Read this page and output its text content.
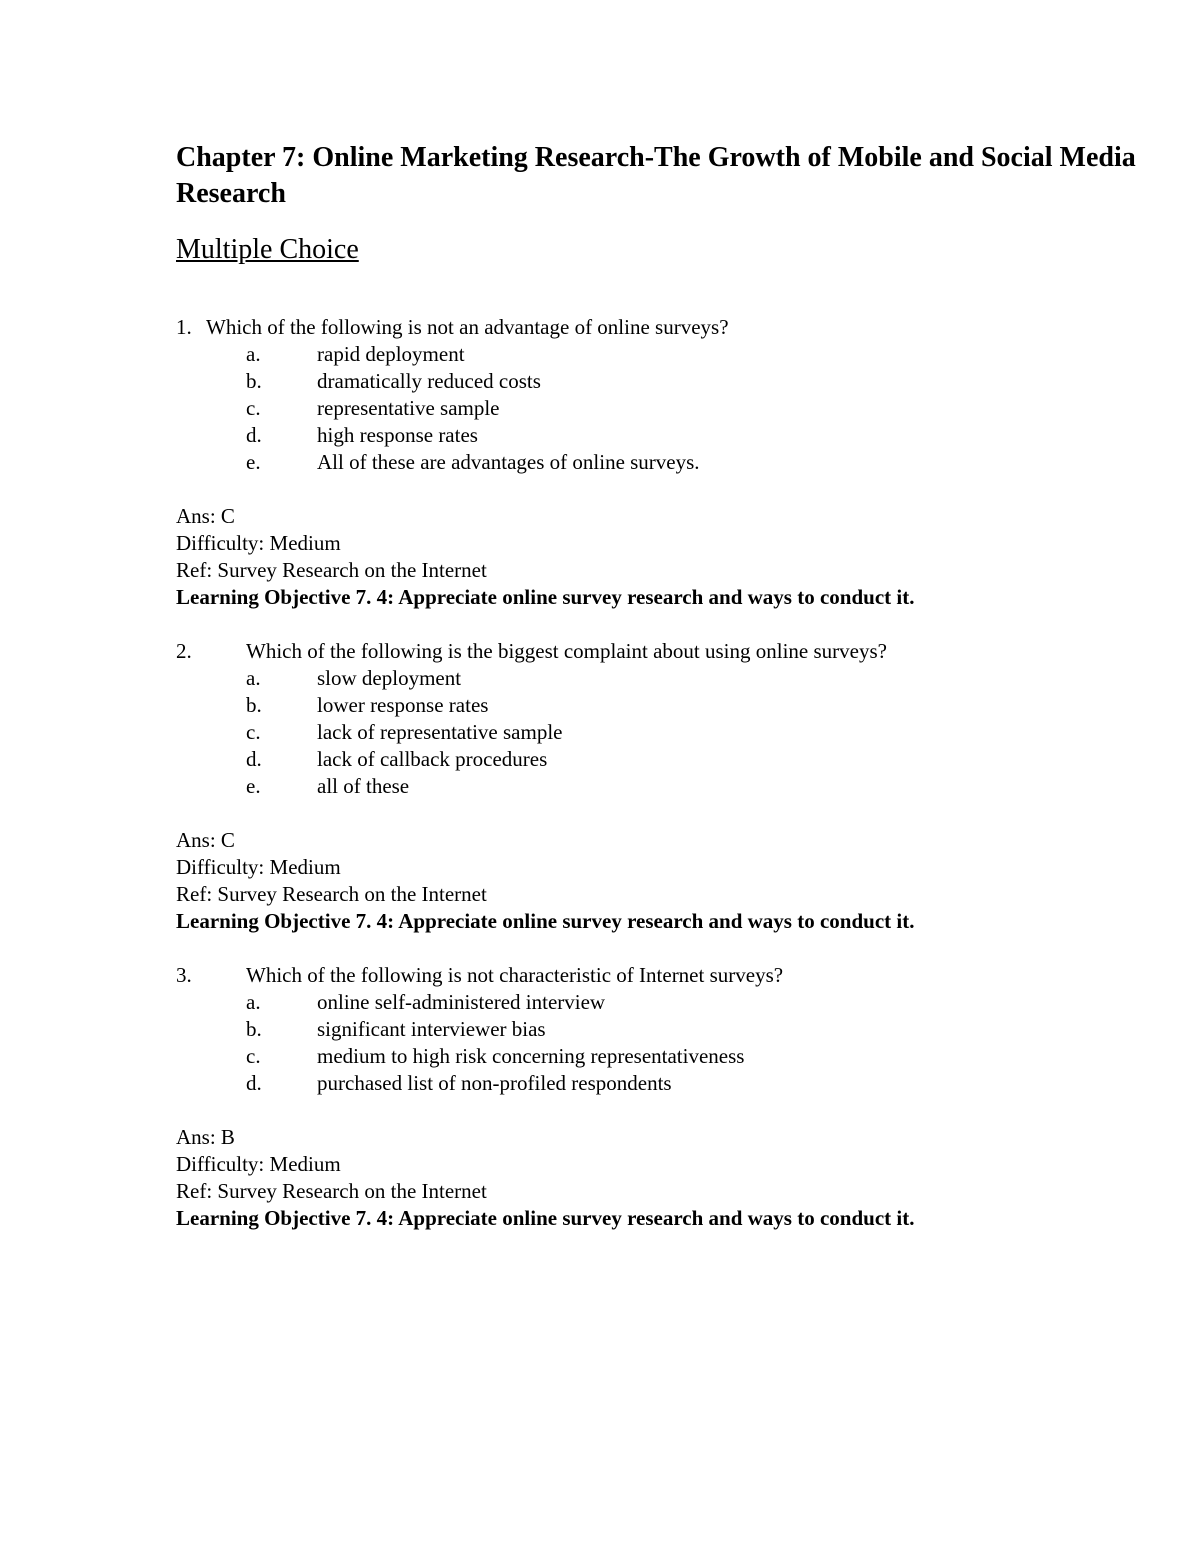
Chapter 7: Online Marketing Research-The Growth of Mobile and Social Media Research
Multiple Choice
1. Which of the following is not an advantage of online surveys?
a.	rapid deployment
b.	dramatically reduced costs
c.	representative sample
d.	high response rates
e.	All of these are advantages of online surveys.
Ans: C
Difficulty: Medium
Ref: Survey Research on the Internet
Learning Objective 7. 4: Appreciate online survey research and ways to conduct it.
2.	Which of the following is the biggest complaint about using online surveys?
a.	slow deployment
b.	lower response rates
c.	lack of representative sample
d.	lack of callback procedures
e.	all of these
Ans: C
Difficulty: Medium
Ref: Survey Research on the Internet
Learning Objective 7. 4: Appreciate online survey research and ways to conduct it.
3.	Which of the following is not characteristic of Internet surveys?
a.	online self-administered interview
b.	significant interviewer bias
c.	medium to high risk concerning representativeness
d.	purchased list of non-profiled respondents
Ans: B
Difficulty: Medium
Ref: Survey Research on the Internet
Learning Objective 7. 4: Appreciate online survey research and ways to conduct it.
